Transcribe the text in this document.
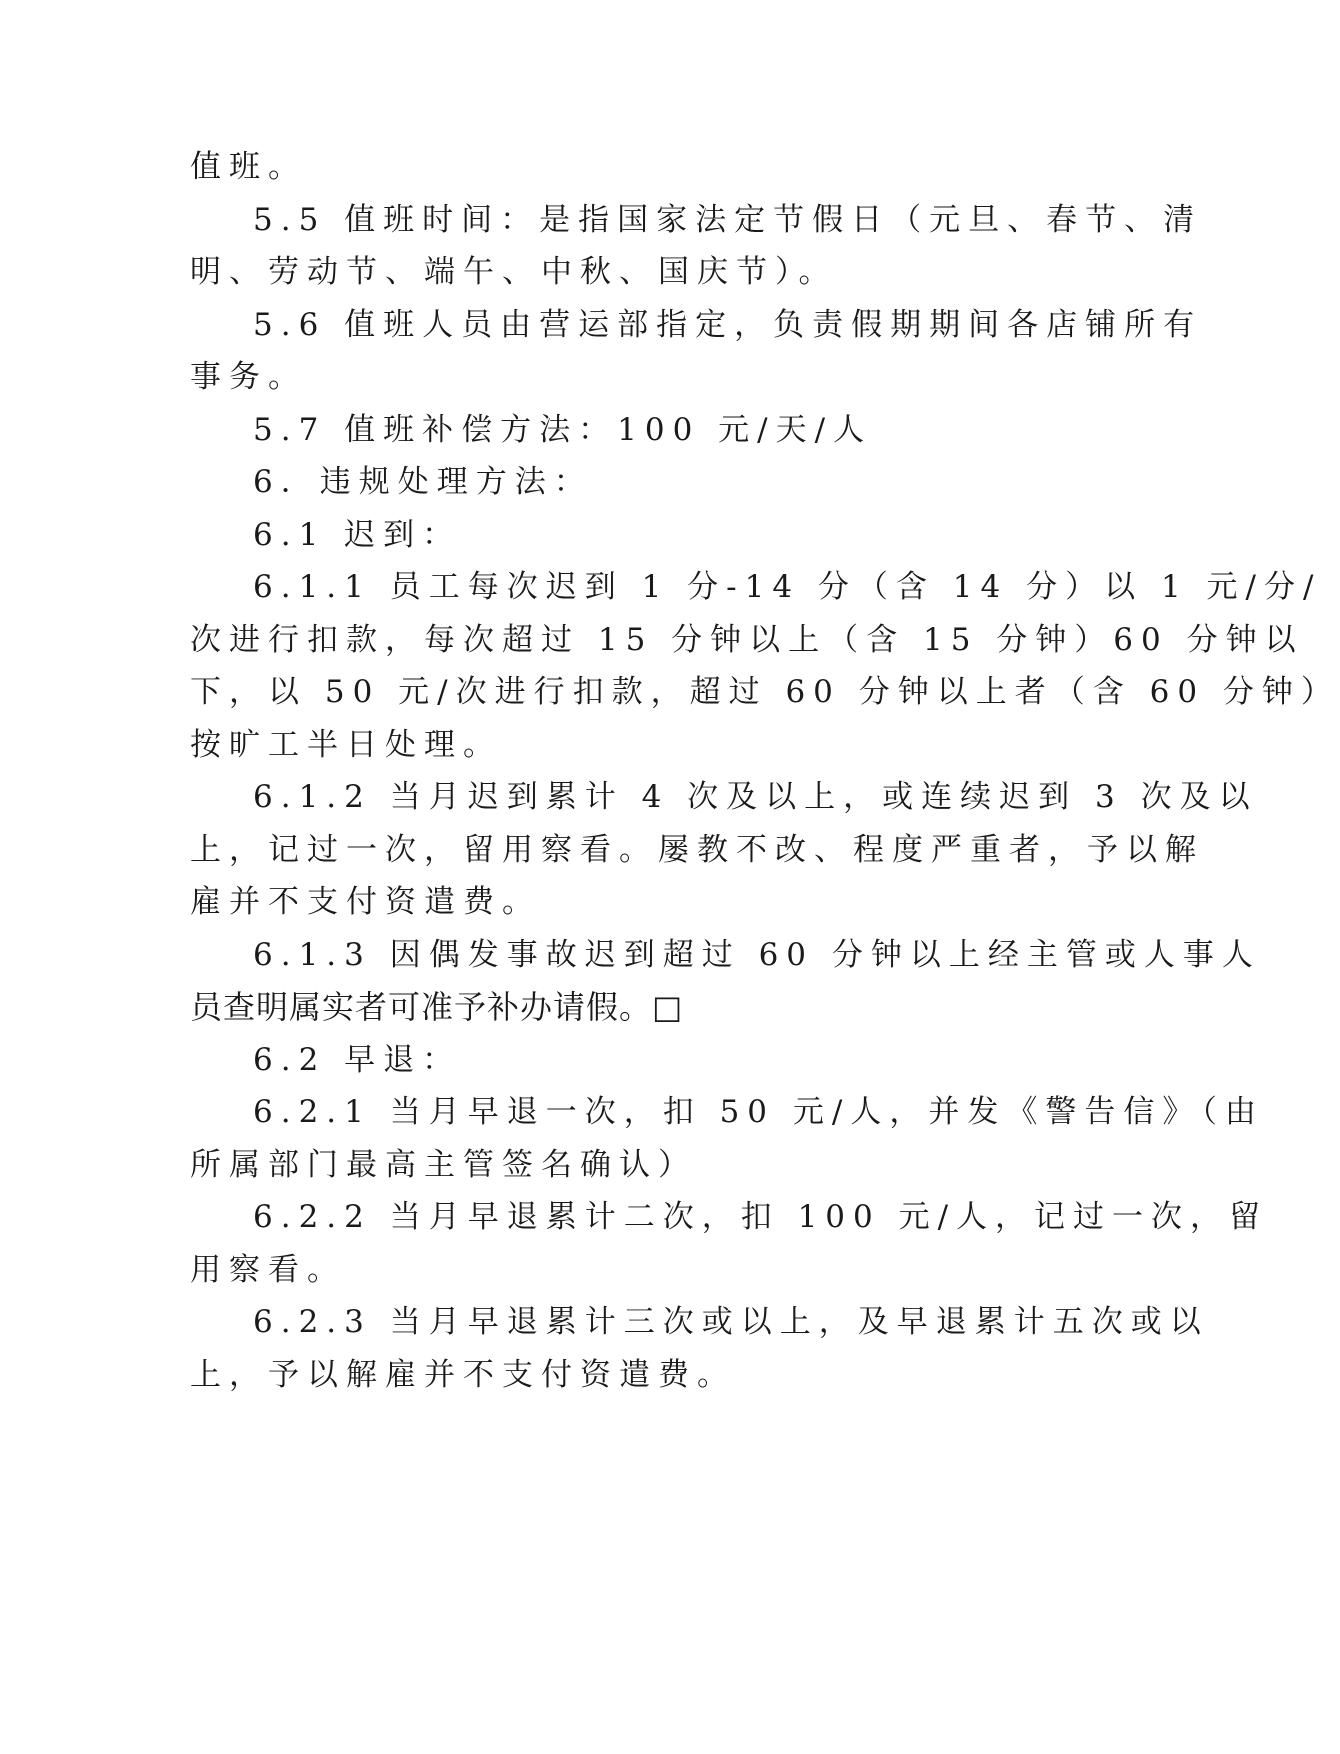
值班。
5.5 值班时间：是指国家法定节假日（元旦、春节、清
明、劳动节、端午、中秋、国庆节）。
5.6 值班人员由营运部指定，负责假期期间各店铺所有
事务。
5.7 值班补偿方法：100 元/天/人
6．违规处理方法：
6.1 迟到：
6.1.1 员工每次迟到 1 分-14 分（含 14 分）以 1 元/分/
次进行扣款，每次超过 15 分钟以上（含 15 分钟）60 分钟以
下，以 50 元/次进行扣款，超过 60 分钟以上者（含 60 分钟）
按旷工半日处理。
6.1.2 当月迟到累计 4 次及以上，或连续迟到 3 次及以
上，记过一次，留用察看。屡教不改、程度严重者，予以解
雇并不支付资遣费。
6.1.3 因偶发事故迟到超过 60 分钟以上经主管或人事人
员查明属实者可准予补办请假。□
6.2 早退：
6.2.1 当月早退一次，扣 50 元/人，并发《警告信》（由
所属部门最高主管签名确认）
6.2.2 当月早退累计二次，扣 100 元/人，记过一次，留
用察看。
6.2.3 当月早退累计三次或以上，及早退累计五次或以
上，予以解雇并不支付资遣费。
